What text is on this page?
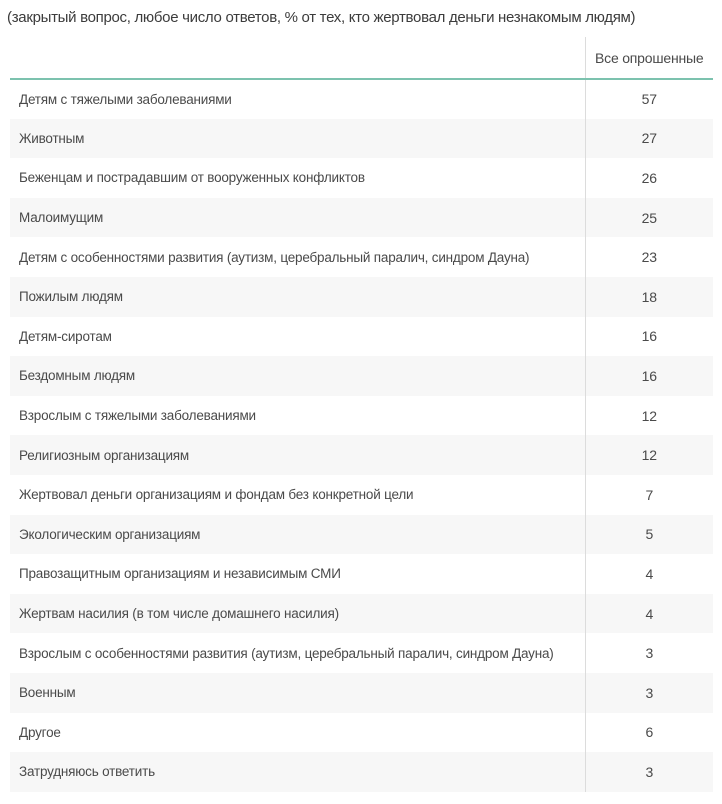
(закрытый вопрос, любое число ответов, % от тех, кто жертвовал деньги незнакомым людям)
	Все опрошенные
Детям с тяжелыми заболеваниями	57
Животным	27
Беженцам и пострадавшим от вооруженных конфликтов	26
Малоимущим	25
Детям с особенностями развития (аутизм, церебральный паралич, синдром Дауна)	23
Пожилым людям	18
Детям-сиротам	16
Бездомным людям	16
Взрослым с тяжелыми заболеваниями	12
Религиозным организациям	12
Жертвовал деньги организациям и фондам без конкретной цели	7
Экологическим организациям	5
Правозащитным организациям и независимым СМИ	4
Жертвам насилия (в том числе домашнего насилия)	4
Взрослым с особенностями развития (аутизм, церебральный паралич, синдром Дауна)	3
Военным	3
Другое	6
Затрудняюсь ответить	3
